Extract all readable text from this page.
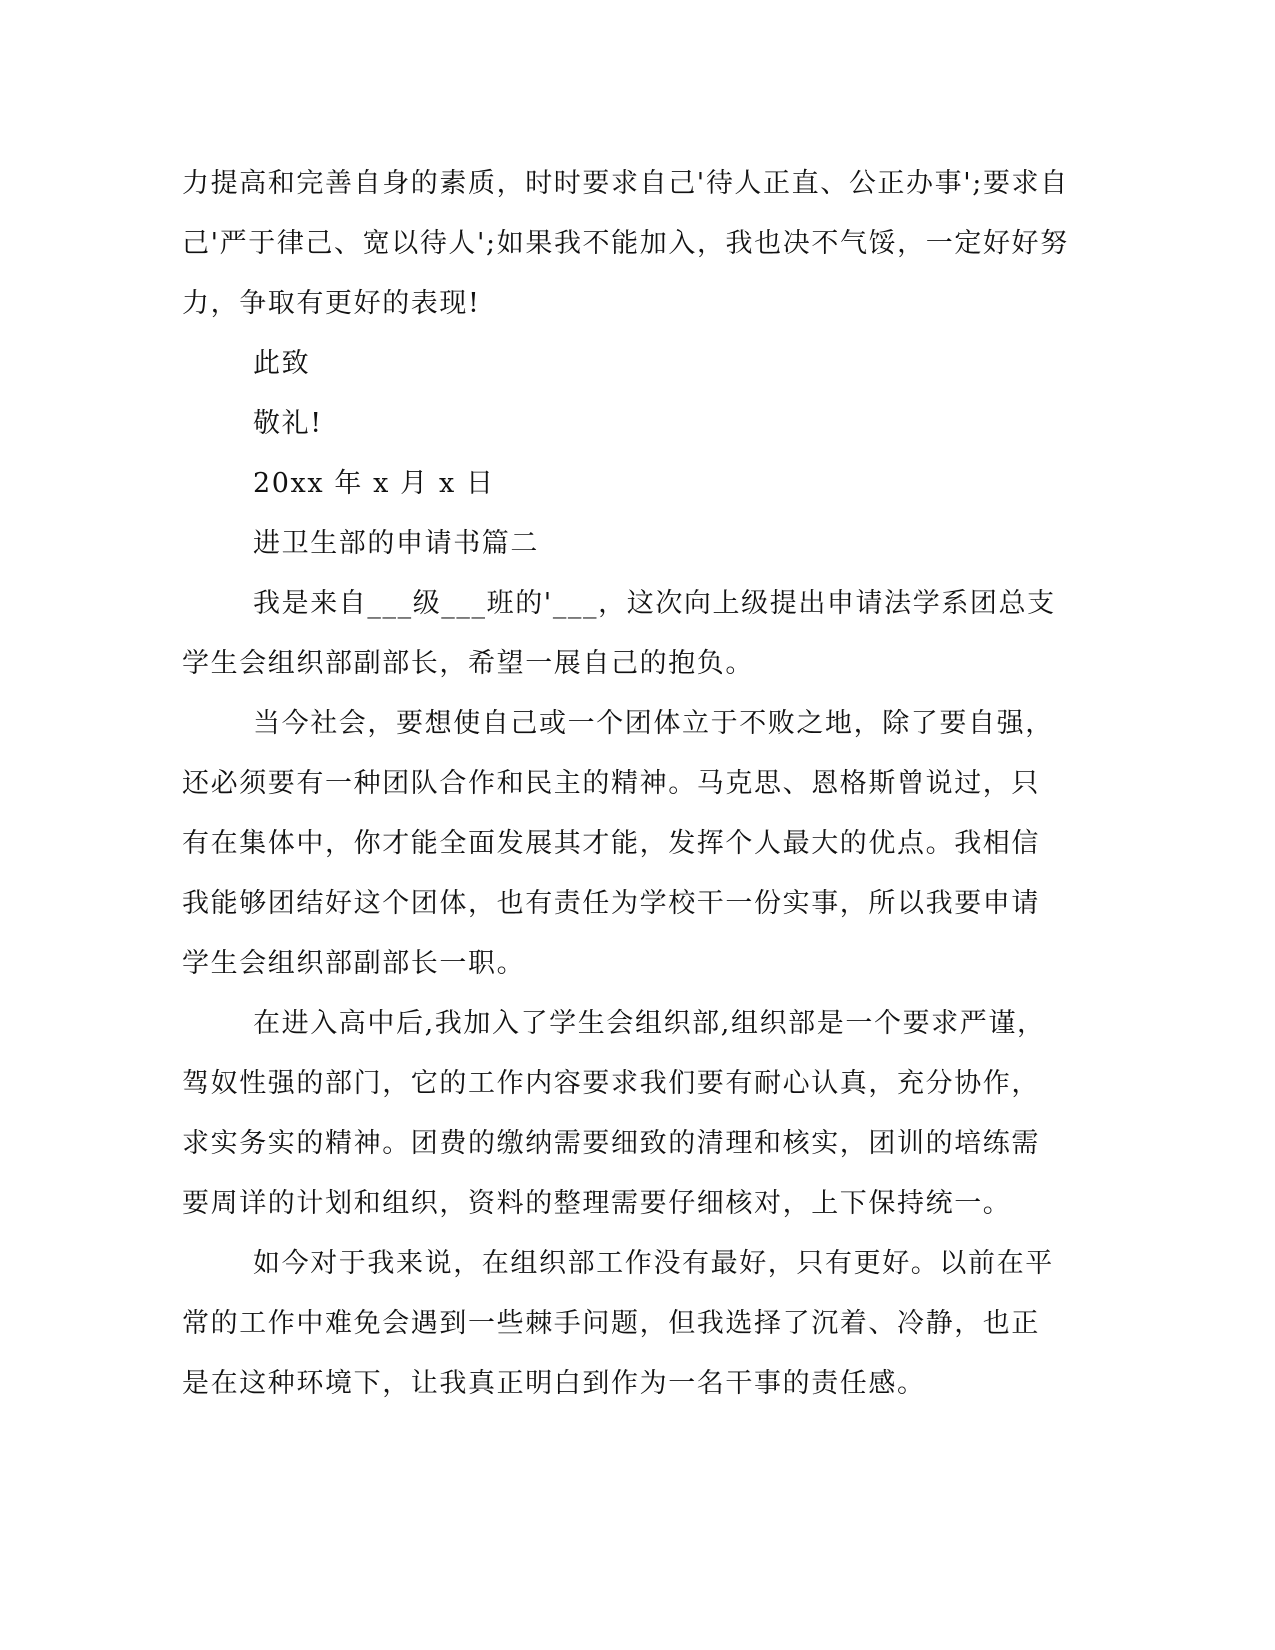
力提高和完善自身的素质，时时要求自己'待人正直、公正办事';要求自
己'严于律己、宽以待人';如果我不能加入，我也决不气馁，一定好好努
力，争取有更好的表现!
此致
敬礼!
20xx 年 x 月 x 日
进卫生部的申请书篇二
我是来自___级___班的'___，这次向上级提出申请法学系团总支
学生会组织部副部长，希望一展自己的抱负。
当今社会，要想使自己或一个团体立于不败之地，除了要自强，
还必须要有一种团队合作和民主的精神。马克思、恩格斯曾说过，只
有在集体中，你才能全面发展其才能，发挥个人最大的优点。我相信
我能够团结好这个团体，也有责任为学校干一份实事，所以我要申请
学生会组织部副部长一职。
在进入高中后,我加入了学生会组织部,组织部是一个要求严谨，
驾奴性强的部门，它的工作内容要求我们要有耐心认真，充分协作，
求实务实的精神。团费的缴纳需要细致的清理和核实，团训的培练需
要周详的计划和组织，资料的整理需要仔细核对，上下保持统一。
如今对于我来说，在组织部工作没有最好，只有更好。以前在平
常的工作中难免会遇到一些棘手问题，但我选择了沉着、冷静，也正
是在这种环境下，让我真正明白到作为一名干事的责任感。
